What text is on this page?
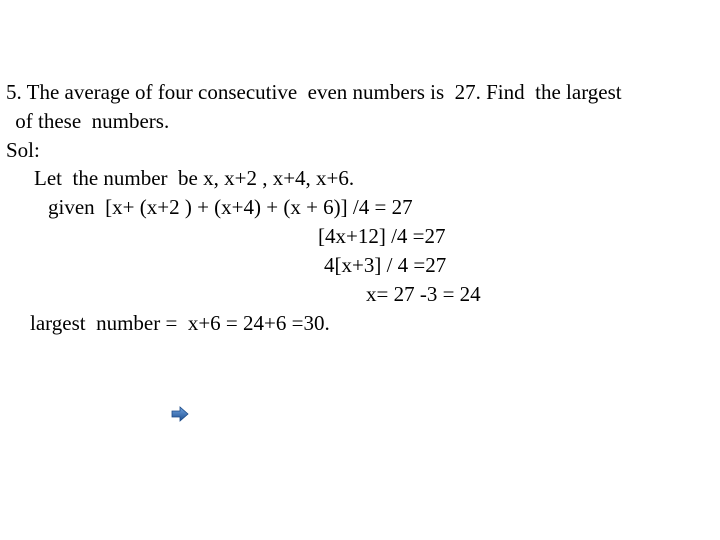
5. The average of four consecutive  even numbers is  27. Find  the largest
of these  numbers.
Sol:
Let  the number  be x, x+2 , x+4, x+6.
given  [x+ (x+2 ) + (x+4) + (x + 6)] /4 = 27
[4x+12] /4 =27
4[x+3] / 4 =27
x= 27 -3 = 24
largest  number =  x+6 = 24+6 =30.
